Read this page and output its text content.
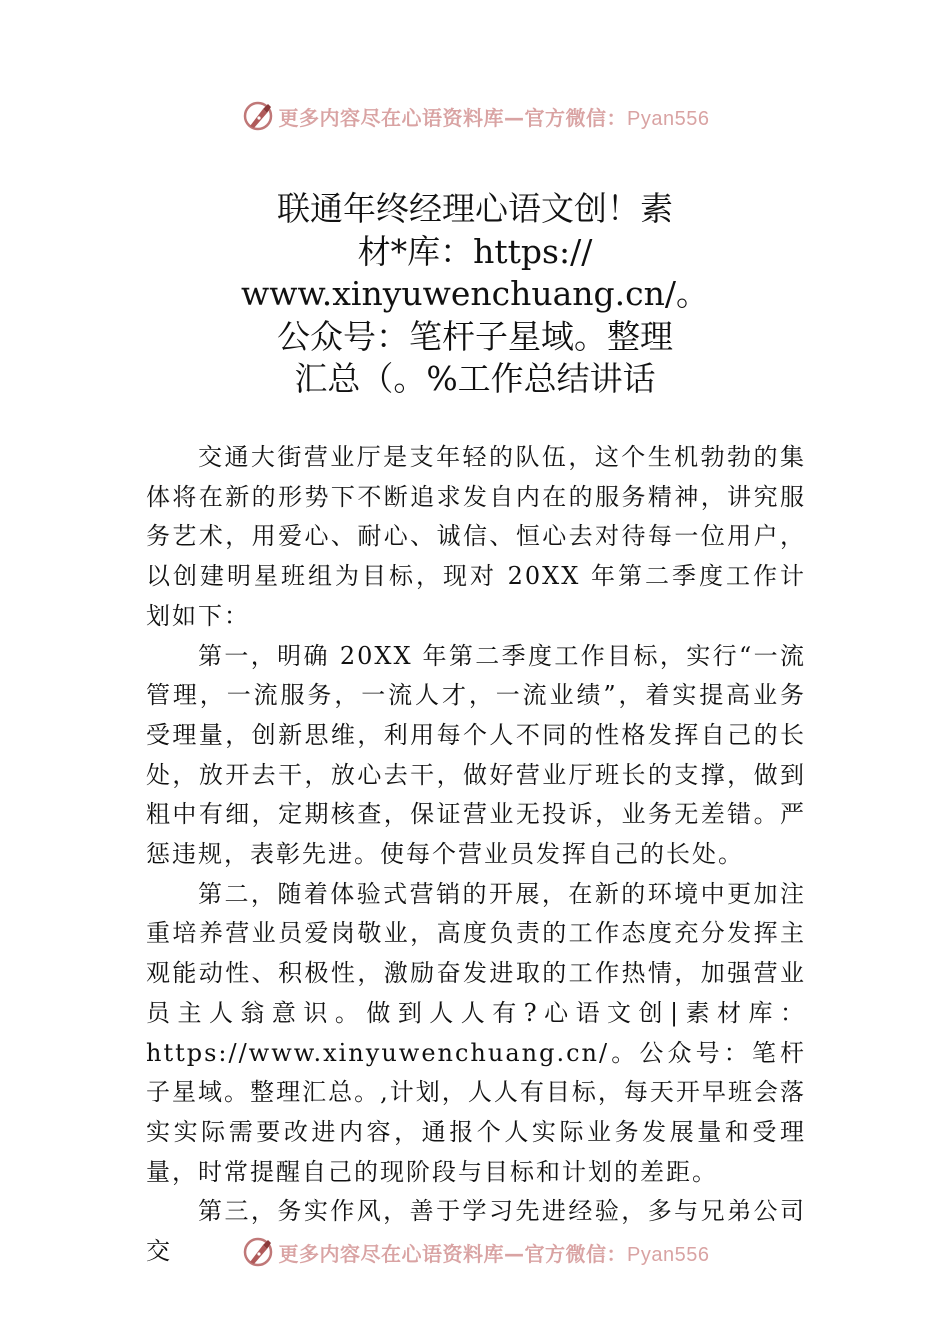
更多内容尽在心语资料库—官方微信：Pyan556
联通年终经理心语文创！素
材*库：https://
www.xinyuwenchuang.cn/。
公众号：笔杆子星域。整理
汇总（。%工作总结讲话

交通大街营业厅是支年轻的队伍，这个生机勃勃的集体将在新的形势下不断追求发自内在的服务精神，讲究服务艺术，用爱心、耐心、诚信、恒心去对待每一位用户，以创建明星班组为目标，现对 20XX 年第二季度工作计划如下：

第一，明确 20XX 年第二季度工作目标，实行“一流管理，一流服务，一流人才，一流业绩”，着实提高业务受理量，创新思维，利用每个人不同的性格发挥自己的长处，放开去干，放心去干，做好营业厅班长的支撑，做到粗中有细，定期核查，保证营业无投诉，业务无差错。严惩违规，表彰先进。使每个营业员发挥自己的长处。

第二，随着体验式营销的开展，在新的环境中更加注重培养营业员爱岗敬业，高度负责的工作态度充分发挥主观能动性、积极性，激励奋发进取的工作热情，加强营业员主人翁意识。做到人人有?心语文创|素材库：https://www.xinyuwenchuang.cn/。公众号：笔杆子星域。整理汇总。,计划，人人有目标，每天开早班会落实实际需要改进内容，通报个人实际业务发展量和受理量，时常提醒自己的现阶段与目标和计划的差距。

第三，务实作风，善于学习先进经验，多与兄弟公司交	更多内容尽在心语资料库—官方微信：Pyan556
